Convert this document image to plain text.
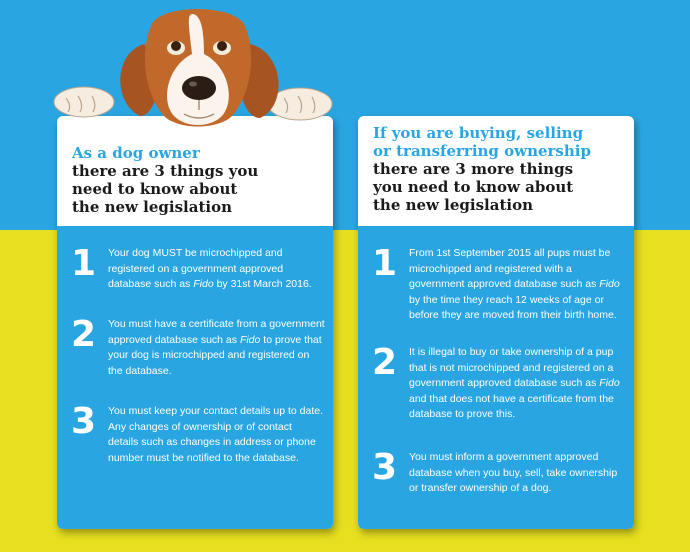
As a dog owner
there are 3 things you
need to know about
the new legislation
1	Your dog MUST be microchipped and registered on a government approved database such as Fido by 31st March 2016.

2	You must have a certificate from a government approved database such as Fido to prove that your dog is microchipped and registered on the database.

3	You must keep your contact details up to date. Any changes of ownership or of contact details such as changes in address or phone number must be notified to the database.

If you are buying, selling
or transferring ownership
there are 3 more things
you need to know about
the new legislation
1	From 1st September 2015 all pups must be microchipped and registered with a government approved database such as Fido by the time they reach 12 weeks of age or before they are moved from their birth home.

2	It is illegal to buy or take ownership of a pup that is not microchipped and registered on a government approved database such as Fido and that does not have a certificate from the database to prove this.

3	You must inform a government approved database when you buy, sell, take ownership or transfer ownership of a dog.
